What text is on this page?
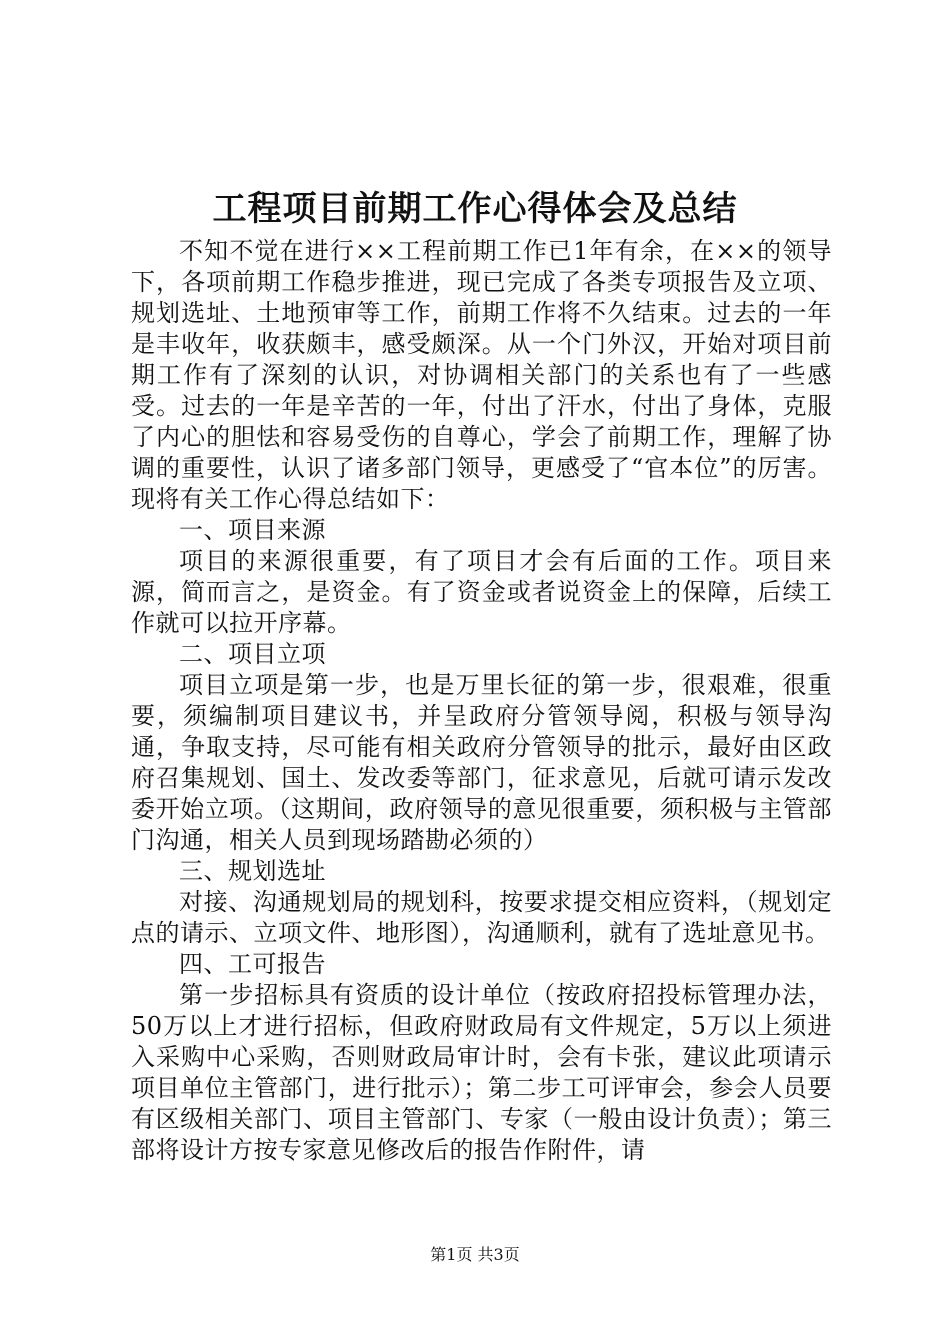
工程项目前期工作心得体会及总结

不知不觉在进行××工程前期工作已1年有余，在××的领导下，各项前期工作稳步推进，现已完成了各类专项报告及立项、规划选址、土地预审等工作，前期工作将不久结束。过去的一年是丰收年，收获颇丰，感受颇深。从一个门外汉，开始对项目前期工作有了深刻的认识，对协调相关部门的关系也有了一些感受。过去的一年是辛苦的一年，付出了汗水，付出了身体，克服了内心的胆怯和容易受伤的自尊心，学会了前期工作，理解了协调的重要性，认识了诸多部门领导，更感受了“官本位”的厉害。现将有关工作心得总结如下：

一、项目来源

项目的来源很重要，有了项目才会有后面的工作。项目来源，简而言之，是资金。有了资金或者说资金上的保障，后续工作就可以拉开序幕。

二、项目立项

项目立项是第一步，也是万里长征的第一步，很艰难，很重要，须编制项目建议书，并呈政府分管领导阅，积极与领导沟通，争取支持，尽可能有相关政府分管领导的批示，最好由区政府召集规划、国土、发改委等部门，征求意见，后就可请示发改委开始立项。（这期间，政府领导的意见很重要，须积极与主管部门沟通，相关人员到现场踏勘必须的）

三、规划选址

对接、沟通规划局的规划科，按要求提交相应资料，（规划定点的请示、立项文件、地形图），沟通顺利，就有了选址意见书。

四、工可报告

第一步招标具有资质的设计单位（按政府招投标管理办法，50万以上才进行招标，但政府财政局有文件规定，5万以上须进入采购中心采购，否则财政局审计时，会有卡张，建议此项请示项目单位主管部门，进行批示）；第二步工可评审会，参会人员要有区级相关部门、项目主管部门、专家（一般由设计负责）；第三部将设计方按专家意见修改后的报告作附件，请

第1页 共3页
